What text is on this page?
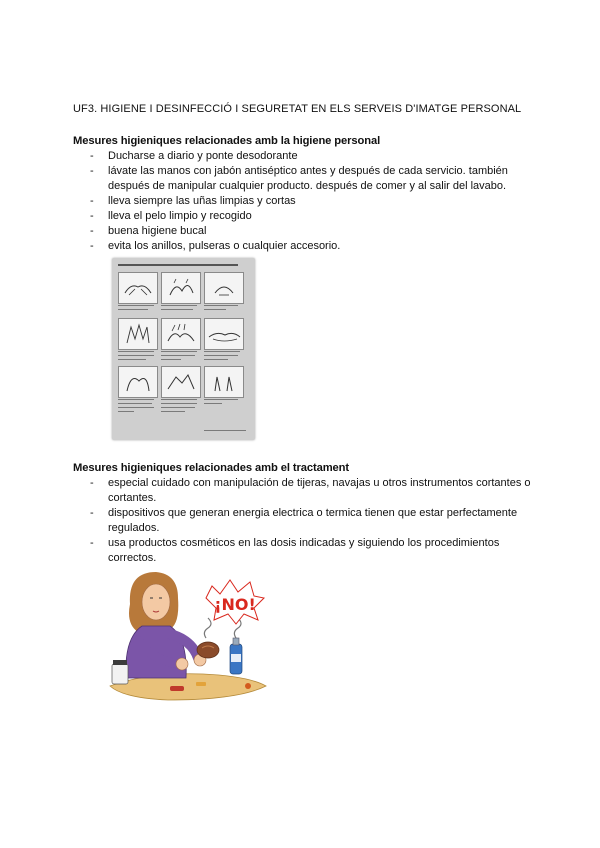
UF3. HIGIENE I DESINFECCIÓ I SEGURETAT EN ELS SERVEIS D'IMATGE PERSONAL
Mesures higieniques relacionades amb la higiene personal
- Ducharse a diario y ponte desodorante
- lávate las manos con jabón antiséptico antes y después de cada servicio. también después de manipular cualquier producto. después de comer y al salir del lavabo.
- lleva siempre las uñas limpias y cortas
- lleva el pelo limpio y recogido
- buena higiene bucal
- evita los anillos, pulseras o cualquier accesorio.
Mesures higieniques relacionades amb el tractament
- especial cuidado con manipulación de tijeras, navajas u otros instrumentos cortantes o cortantes.
- dispositivos que generan energia electrica o termica tienen que estar perfectamente regulados.
- usa productos cosméticos en las dosis indicadas y siguiendo los procedimientos correctos.
¡NO!
